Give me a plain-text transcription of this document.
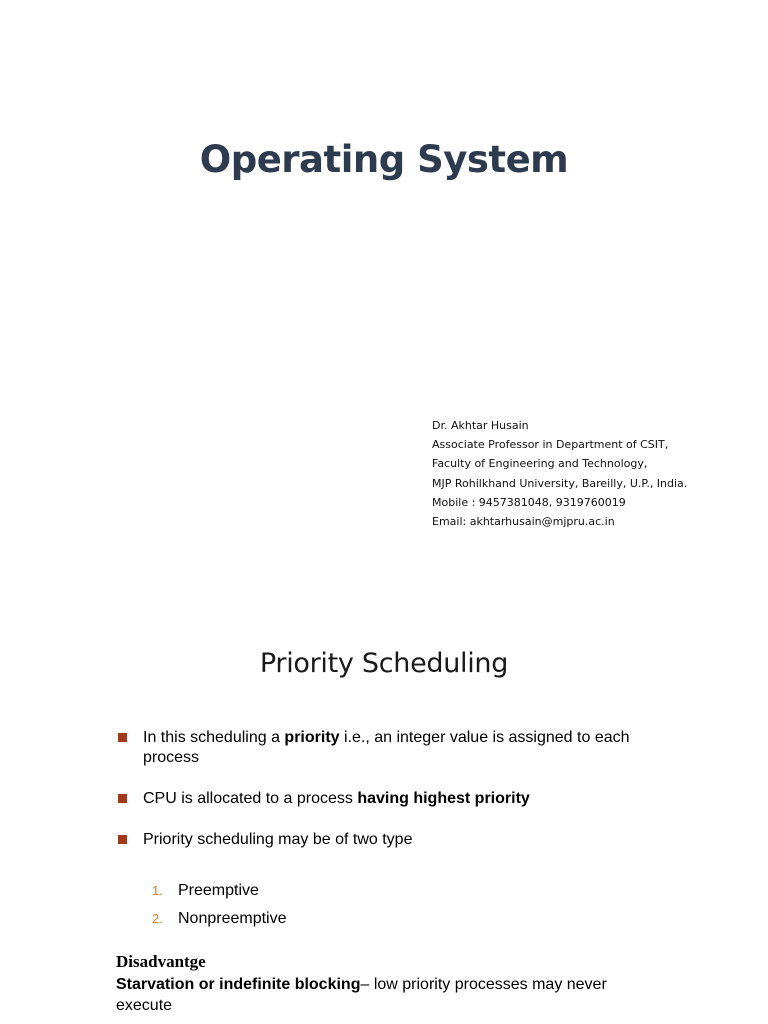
Operating System
Dr. Akhtar Husain
Associate Professor in Department of CSIT,
Faculty of Engineering and Technology,
MJP Rohilkhand University, Bareilly, U.P., India.
Mobile : 9457381048, 9319760019
Email: akhtarhusain@mjpru.ac.in
Priority Scheduling
In this scheduling a priority i.e., an integer value is assigned to each process
CPU is allocated to a process having highest priority
Priority scheduling may be of two type
1. Preemptive
2. Nonpreemptive
Disadvantge
Starvation or indefinite blocking– low priority processes may never execute
